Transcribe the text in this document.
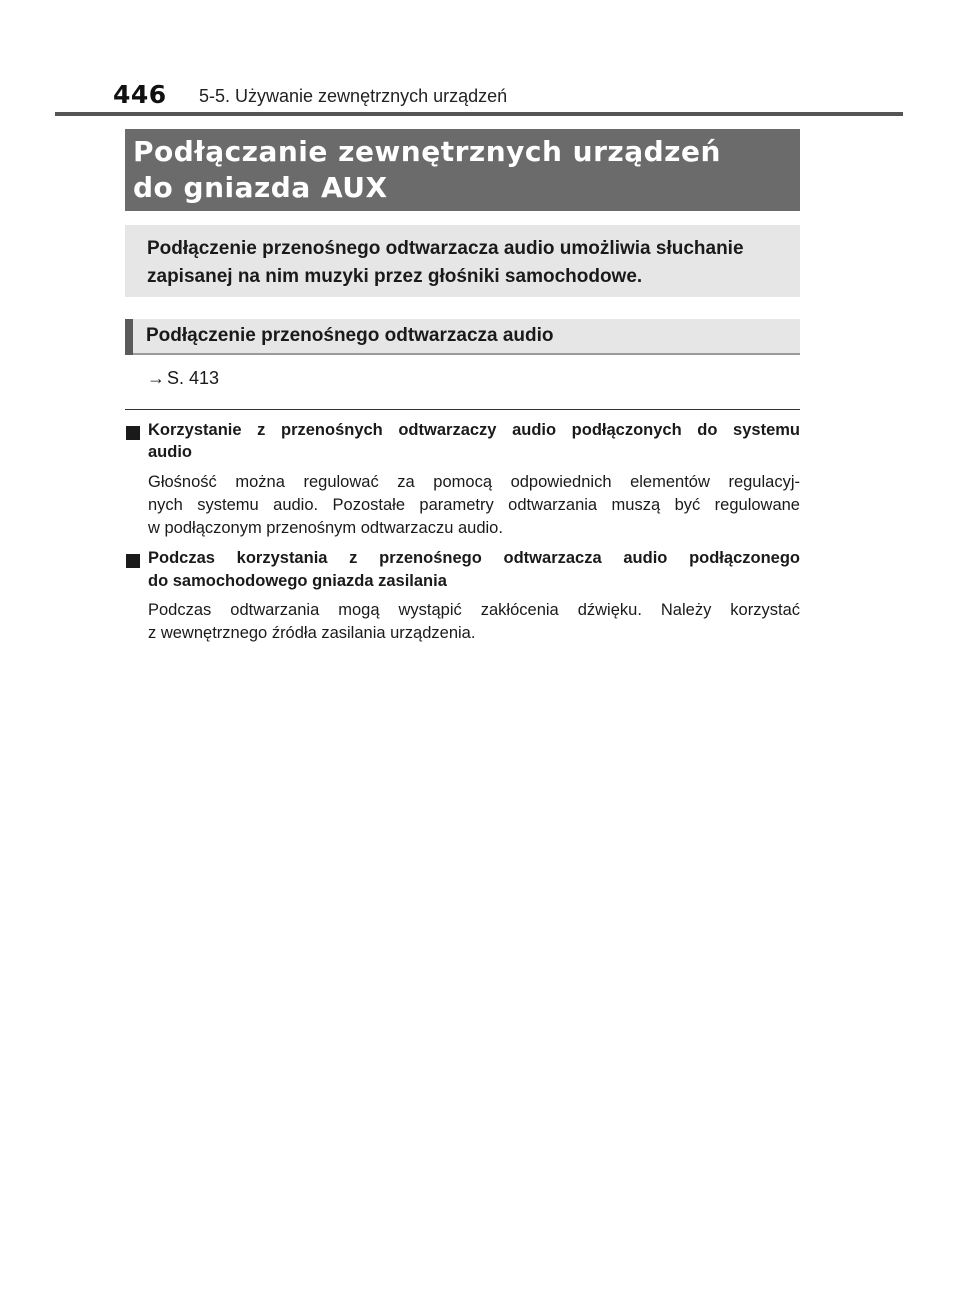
446 5-5. Używanie zewnętrznych urządzeń
Podłączanie zewnętrznych urządzeń
do gniazda AUX
Podłączenie przenośnego odtwarzacza audio umożliwia słuchanie
zapisanej na nim muzyki przez głośniki samochodowe.
Podłączenie przenośnego odtwarzacza audio
→ S. 413
Korzystanie z przenośnych odtwarzaczy audio podłączonych do systemu
audio
Głośność można regulować za pomocą odpowiednich elementów regulacyj-
nych systemu audio. Pozostałe parametry odtwarzania muszą być regulowane
w podłączonym przenośnym odtwarzaczu audio.
Podczas korzystania z przenośnego odtwarzacza audio podłączonego
do samochodowego gniazda zasilania
Podczas odtwarzania mogą wystąpić zakłócenia dźwięku. Należy korzystać
z wewnętrznego źródła zasilania urządzenia.
